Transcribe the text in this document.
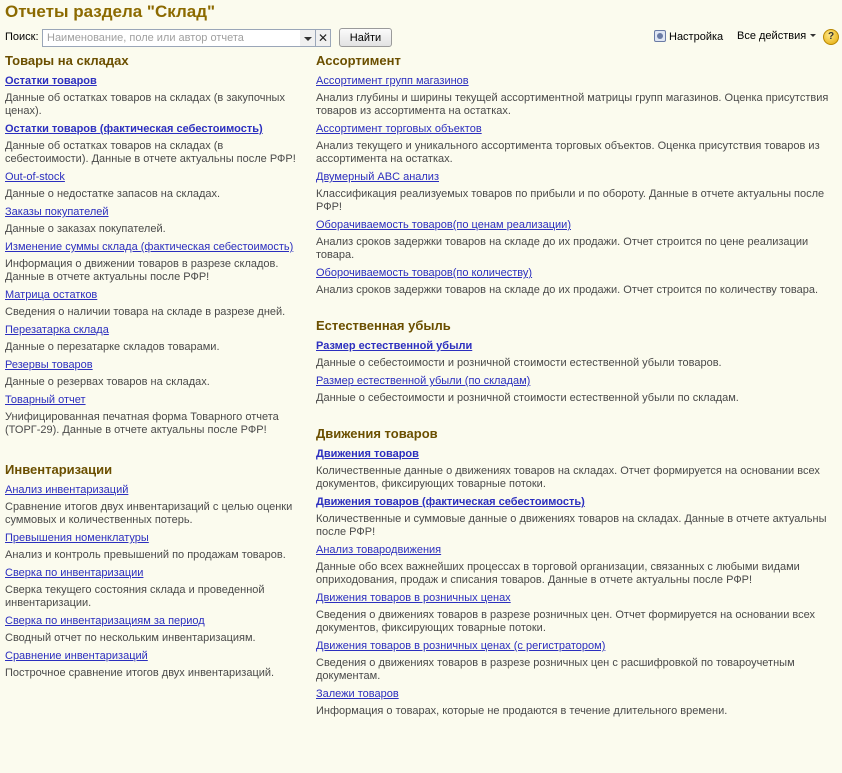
Отчеты раздела "Склад"
Поиск:
Наименование, поле или автор отчета	✕	Найти	Настройка Все действия	?
Товары на складах
Остатки товаров

Данные об остатках товаров на складах (в закупочных ценах).

Остатки товаров (фактическая себестоимость)

Данные об остатках товаров на складах (в себестоимости). Данные в отчете актуальны после РФР!

Out-of-stock

Данные о недостатке запасов на складах.

Заказы покупателей

Данные о заказах покупателей.

Изменение суммы склада (фактическая себестоимость)

Информация о движении товаров в разрезе складов. Данные в отчете актуальны после РФР!

Матрица остатков

Сведения о наличии товара на складе в разрезе дней.

Перезатарка склада

Данные о перезатарке складов товарами.

Резервы товаров

Данные о резервах товаров на складах.

Товарный отчет

Унифицированная печатная форма Товарного отчета (ТОРГ-29). Данные в отчете актуальны после РФР!

Инвентаризации
Анализ инвентаризаций

Сравнение итогов двух инвентаризаций с целью оценки суммовых и количественных потерь.

Превышения номенклатуры

Анализ и контроль превышений по продажам товаров.

Сверка по инвентаризации

Сверка текущего состояния склада и проведенной инвентаризации.

Сверка по инвентаризациям за период

Сводный отчет по нескольким инвентаризациям.

Сравнение инвентаризаций

Построчное сравнение итогов двух инвентаризаций.

Ассортимент
Ассортимент групп магазинов

Анализ глубины и ширины текущей ассортиментной матрицы групп магазинов. Оценка присутствия товаров из ассортимента на остатках.

Ассортимент торговых объектов

Анализ текущего и уникального ассортимента торговых объектов. Оценка присутствия товаров из ассортимента на остатках.

Двумерный ABC анализ

Классификация реализуемых товаров по прибыли и по обороту. Данные в отчете актуальны после РФР!

Оборачиваемость товаров(по ценам реализации)

Анализ сроков задержки товаров на складе до их продажи. Отчет строится по цене реализации товара.

Оборочиваемость товаров(по количеству)

Анализ сроков задержки товаров на складе до их продажи. Отчет строится по количеству товара.

Естественная убыль
Размер естественной убыли

Данные о себестоимости и розничной стоимости естественной убыли товаров.

Размер естественной убыли (по складам)

Данные о себестоимости и розничной стоимости естественной убыли по складам.

Движения товаров
Движения товаров

Количественные данные о движениях товаров на складах. Отчет формируется на основании всех документов, фиксирующих товарные потоки.

Движения товаров (фактическая себестоимость)

Количественные и суммовые данные о движениях товаров на складах. Данные в отчете актуальны после РФР!

Анализ товародвижения

Данные обо всех важнейших процессах в торговой организации, связанных с любыми видами оприходования, продаж и списания товаров. Данные в отчете актуальны после РФР!

Движения товаров в розничных ценах

Сведения о движениях товаров в разрезе розничных цен. Отчет формируется на основании всех документов, фиксирующих товарные потоки.

Движения товаров в розничных ценах (с регистратором)

Сведения о движениях товаров в разрезе розничных цен с расшифровкой по товароучетным документам.

Залежи товаров

Информация о товарах, которые не продаются в течение длительного времени.
